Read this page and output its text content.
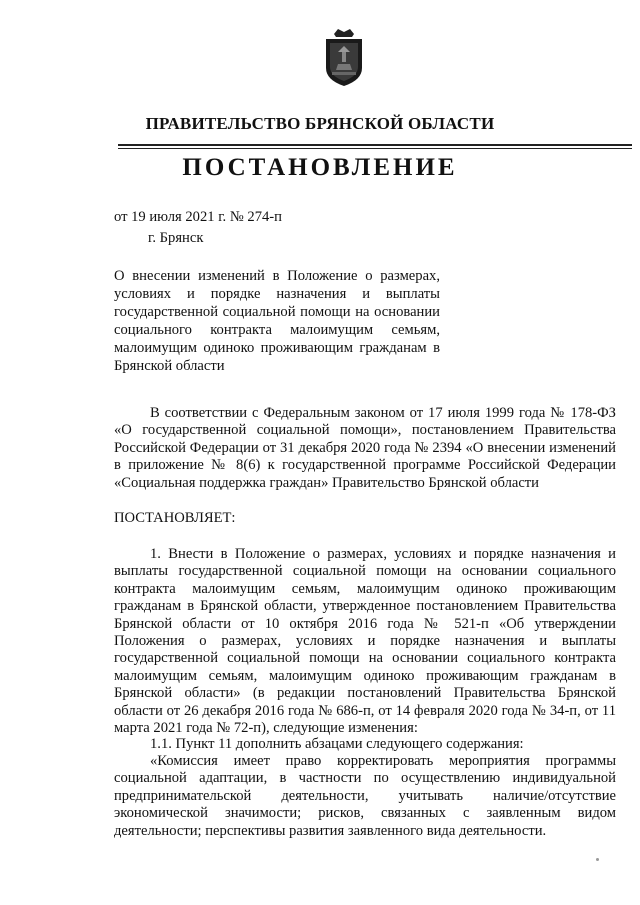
ПРАВИТЕЛЬСТВО БРЯНСКОЙ ОБЛАСТИ
ПОСТАНОВЛЕНИЕ
от 19 июля 2021 г. № 274-п
г. Брянск
О внесении изменений в Положение о размерах, условиях и порядке назначения и выплаты государственной социальной помощи на основании социального контракта малоимущим семьям, малоимущим одиноко проживающим гражданам в Брянской области
В соответствии с Федеральным законом от 17 июля 1999 года № 178-ФЗ «О государственной социальной помощи», постановлением Правительства Российской Федерации от 31 декабря 2020 года № 2394 «О внесении изменений в приложение № 8(6) к государственной программе Российской Федерации «Социальная поддержка граждан» Правительство Брянской области
ПОСТАНОВЛЯЕТ:
1. Внести в Положение о размерах, условиях и порядке назначения и выплаты государственной социальной помощи на основании социального контракта малоимущим семьям, малоимущим одиноко проживающим гражданам в Брянской области, утвержденное постановлением Правительства Брянской области от 10 октября 2016 года № 521-п «Об утверждении Положения о размерах, условиях и порядке назначения и выплаты государственной социальной помощи на основании социального контракта малоимущим семьям, малоимущим одиноко проживающим гражданам в Брянской области» (в редакции постановлений Правительства Брянской области от 26 декабря 2016 года № 686-п, от 14 февраля 2020 года № 34-п, от 11 марта 2021 года № 72-п), следующие изменения:
1.1. Пункт 11 дополнить абзацами следующего содержания:
«Комиссия имеет право корректировать мероприятия программы социальной адаптации, в частности по осуществлению индивидуальной предпринимательской деятельности, учитывать наличие/отсутствие экономической значимости; рисков, связанных с заявленным видом деятельности; перспективы развития заявленного вида деятельности.
